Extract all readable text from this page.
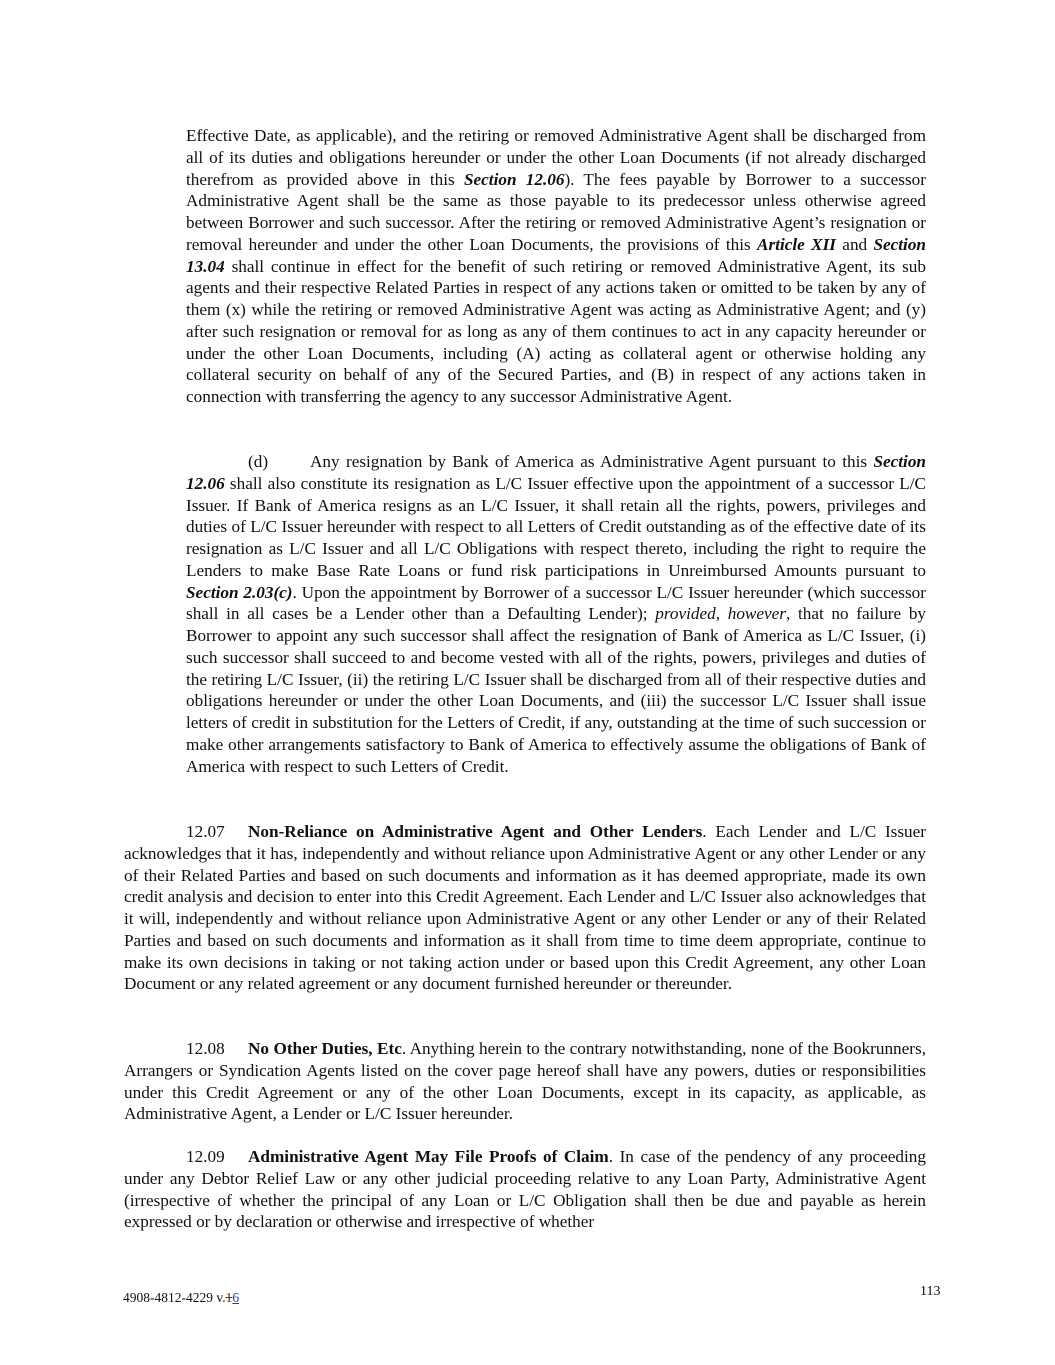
Effective Date, as applicable), and the retiring or removed Administrative Agent shall be discharged from all of its duties and obligations hereunder or under the other Loan Documents (if not already discharged therefrom as provided above in this Section 12.06). The fees payable by Borrower to a successor Administrative Agent shall be the same as those payable to its predecessor unless otherwise agreed between Borrower and such successor. After the retiring or removed Administrative Agent’s resignation or removal hereunder and under the other Loan Documents, the provisions of this Article XII and Section 13.04 shall continue in effect for the benefit of such retiring or removed Administrative Agent, its sub agents and their respective Related Parties in respect of any actions taken or omitted to be taken by any of them (x) while the retiring or removed Administrative Agent was acting as Administrative Agent; and (y) after such resignation or removal for as long as any of them continues to act in any capacity hereunder or under the other Loan Documents, including (A) acting as collateral agent or otherwise holding any collateral security on behalf of any of the Secured Parties, and (B) in respect of any actions taken in connection with transferring the agency to any successor Administrative Agent.

(d) Any resignation by Bank of America as Administrative Agent pursuant to this Section 12.06 shall also constitute its resignation as L/C Issuer effective upon the appointment of a successor L/C Issuer. If Bank of America resigns as an L/C Issuer, it shall retain all the rights, powers, privileges and duties of L/C Issuer hereunder with respect to all Letters of Credit outstanding as of the effective date of its resignation as L/C Issuer and all L/C Obligations with respect thereto, including the right to require the Lenders to make Base Rate Loans or fund risk participations in Unreimbursed Amounts pursuant to Section 2.03(c). Upon the appointment by Borrower of a successor L/C Issuer hereunder (which successor shall in all cases be a Lender other than a Defaulting Lender); provided, however, that no failure by Borrower to appoint any such successor shall affect the resignation of Bank of America as L/C Issuer, (i) such successor shall succeed to and become vested with all of the rights, powers, privileges and duties of the retiring L/C Issuer, (ii) the retiring L/C Issuer shall be discharged from all of their respective duties and obligations hereunder or under the other Loan Documents, and (iii) the successor L/C Issuer shall issue letters of credit in substitution for the Letters of Credit, if any, outstanding at the time of such succession or make other arrangements satisfactory to Bank of America to effectively assume the obligations of Bank of America with respect to such Letters of Credit.

12.07 Non-Reliance on Administrative Agent and Other Lenders. Each Lender and L/C Issuer acknowledges that it has, independently and without reliance upon Administrative Agent or any other Lender or any of their Related Parties and based on such documents and information as it has deemed appropriate, made its own credit analysis and decision to enter into this Credit Agreement. Each Lender and L/C Issuer also acknowledges that it will, independently and without reliance upon Administrative Agent or any other Lender or any of their Related Parties and based on such documents and information as it shall from time to time deem appropriate, continue to make its own decisions in taking or not taking action under or based upon this Credit Agreement, any other Loan Document or any related agreement or any document furnished hereunder or thereunder.

12.08 No Other Duties, Etc. Anything herein to the contrary notwithstanding, none of the Bookrunners, Arrangers or Syndication Agents listed on the cover page hereof shall have any powers, duties or responsibilities under this Credit Agreement or any of the other Loan Documents, except in its capacity, as applicable, as Administrative Agent, a Lender or L/C Issuer hereunder.

12.09 Administrative Agent May File Proofs of Claim. In case of the pendency of any proceeding under any Debtor Relief Law or any other judicial proceeding relative to any Loan Party, Administrative Agent (irrespective of whether the principal of any Loan or L/C Obligation shall then be due and payable as herein expressed or by declaration or otherwise and irrespective of whether

4908-4812-4229 v.16	113
